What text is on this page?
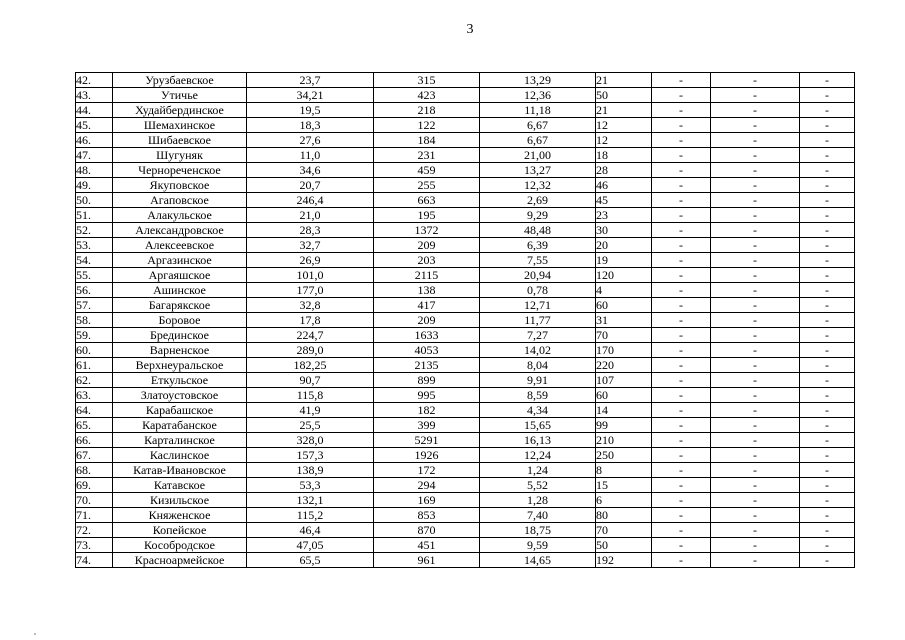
3
42.	Урузбаевское	23,7	315	13,29	21	-	-	-
43.	Утичье	34,21	423	12,36	50	-	-	-
44.	Худайбердинское	19,5	218	11,18	21	-	-	-
45.	Шемахинское	18,3	122	6,67	12	-	-	-
46.	Шибаевское	27,6	184	6,67	12	-	-	-
47.	Шугуняк	11,0	231	21,00	18	-	-	-
48.	Чернореченское	34,6	459	13,27	28	-	-	-
49.	Якуповское	20,7	255	12,32	46	-	-	-
50.	Агаповское	246,4	663	2,69	45	-	-	-
51.	Алакульское	21,0	195	9,29	23	-	-	-
52.	Александровское	28,3	1372	48,48	30	-	-	-
53.	Алексеевское	32,7	209	6,39	20	-	-	-
54.	Аргазинское	26,9	203	7,55	19	-	-	-
55.	Аргаяшское	101,0	2115	20,94	120	-	-	-
56.	Ашинское	177,0	138	0,78	4	-	-	-
57.	Багарякское	32,8	417	12,71	60	-	-	-
58.	Боровое	17,8	209	11,77	31	-	-	-
59.	Брединское	224,7	1633	7,27	70	-	-	-
60.	Варненское	289,0	4053	14,02	170	-	-	-
61.	Верхнеуральское	182,25	2135	8,04	220	-	-	-
62.	Еткульское	90,7	899	9,91	107	-	-	-
63.	Златоустовское	115,8	995	8,59	60	-	-	-
64.	Карабашское	41,9	182	4,34	14	-	-	-
65.	Каратабанское	25,5	399	15,65	99	-	-	-
66.	Карталинское	328,0	5291	16,13	210	-	-	-
67.	Каслинское	157,3	1926	12,24	250	-	-	-
68.	Катав-Ивановское	138,9	172	1,24	8	-	-	-
69.	Катавское	53,3	294	5,52	15	-	-	-
70.	Кизильское	132,1	169	1,28	6	-	-	-
71.	Княженское	115,2	853	7,40	80	-	-	-
72.	Копейское	46,4	870	18,75	70	-	-	-
73.	Кособродское	47,05	451	9,59	50	-	-	-
74.	Красноармейское	65,5	961	14,65	192	-	-	-
